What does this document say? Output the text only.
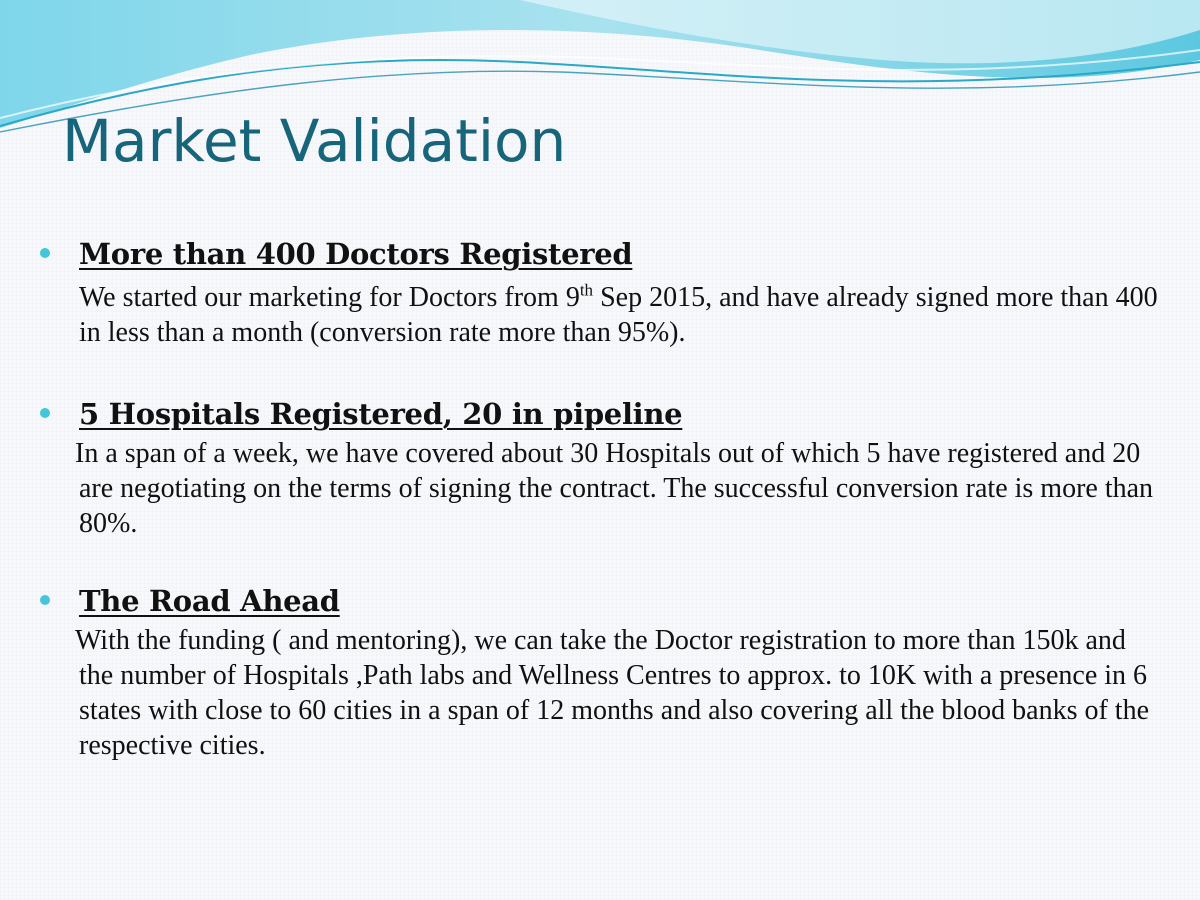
Market Validation
More than 400 Doctors Registered

We started our marketing for Doctors from 9th Sep 2015, and have already signed more than 400 in less than a month (conversion rate more than 95%).

5 Hospitals Registered, 20 in pipeline

In a span of a week, we have covered about 30 Hospitals out of which 5 have registered and 20 are negotiating on the terms of signing the contract. The successful conversion rate is more than 80%.

The Road Ahead

With the funding ( and mentoring), we can take the Doctor registration to more than 150k and the number of Hospitals ,Path labs and Wellness Centres to approx. to 10K with a presence in 6 states with close to 60 cities in a span of 12 months and also covering all the blood banks of the respective cities.
